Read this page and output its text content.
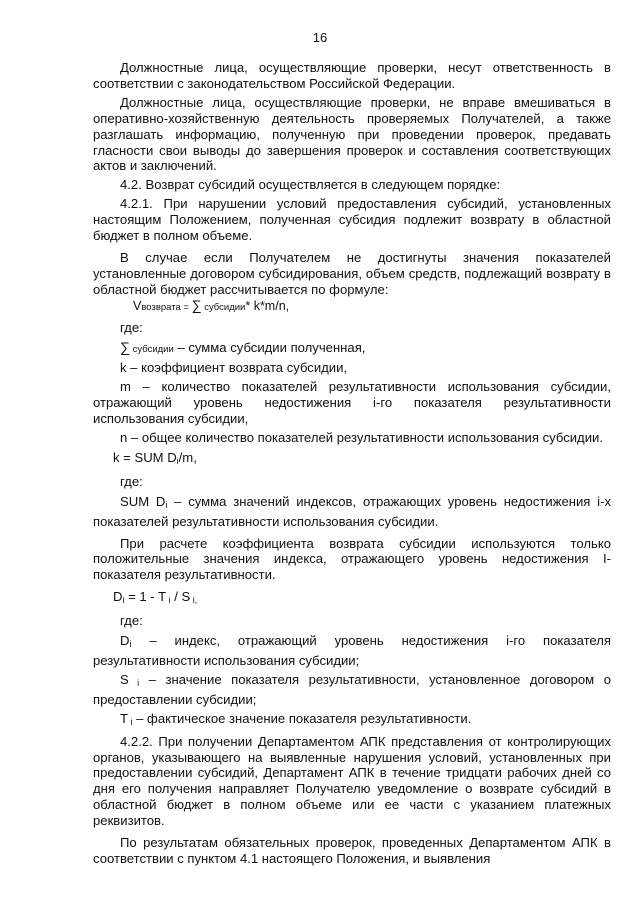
16

Должностные лица, осуществляющие проверки, несут ответственность в соответствии с законодательством Российской Федерации.

Должностные лица, осуществляющие проверки, не вправе вмешиваться в оперативно-хозяйственную деятельность проверяемых Получателей, а также разглашать информацию, полученную при проведении проверок, предавать гласности свои выводы до завершения проверок и составления соответствующих актов и заключений.

4.2. Возврат субсидий осуществляется в следующем порядке:

4.2.1. При нарушении условий предоставления субсидий, установленных настоящим Положением, полученная субсидия подлежит возврату в областной бюджет в полном объеме.

В случае если Получателем не достигнуты значения показателей установленные договором субсидирования, объем средств, подлежащий возврату в областной бюджет рассчитывается по формуле:

Vвозврата = ∑ субсидии* k*m/n,

где:

∑ субсидии – сумма субсидии полученная,

k – коэффициент возврата субсидии,

m – количество показателей результативности использования субсидии, отражающий уровень недостижения i-го показателя результативности использования субсидии,

n – общее количество показателей результативности использования субсидии.

k = SUM $D_i/m$,

где:

SUM $D_i$ – сумма значений индексов, отражающих уровень недостижения i-х показателей результативности использования субсидии.

При расчете коэффициента возврата субсидии используются только положительные значения индекса, отражающего уровень недостижения I-показателя результативности.

$D_i = 1 - T$ $_i$ / S $_{i,}$

где:

$D_i$ – индекс, отражающий уровень недостижения i-го показателя результативности использования субсидии;

S $_i$ – значение показателя результативности, установленное договором о предоставлении субсидии;

T $_i$ – фактическое значение показателя результативности.

4.2.2. При получении Департаментом АПК представления от контролирующих органов, указывающего на выявленные нарушения условий, установленных при предоставлении субсидий, Департамент АПК в течение тридцати рабочих дней со дня его получения направляет Получателю уведомление о возврате субсидий в областной бюджет в полном объеме или ее части с указанием платежных реквизитов.

По результатам обязательных проверок, проведенных Департаментом АПК в соответствии с пунктом 4.1 настоящего Положения, и выявления
